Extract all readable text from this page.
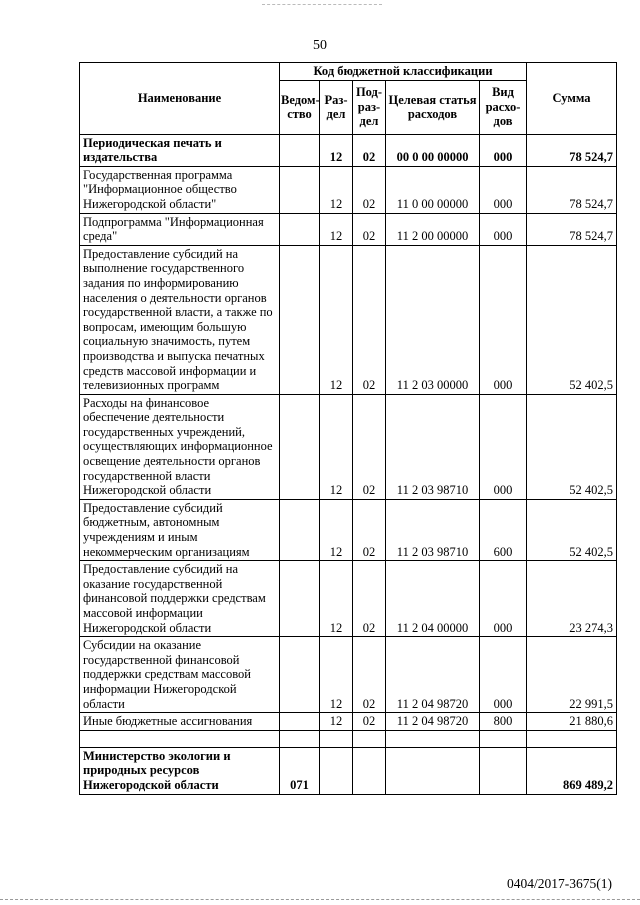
50
Наименование	Код бюджетной классификации					Сумма
	Ведом-ство	Раз-дел	Под-раз-дел	Целевая статья расходов	Вид расхо-дов	
Периодическая печать и издательства		12	02	00 0 00 00000	000	78 524,7
Государственная программа "Информационное общество Нижегородской области"		12	02	11 0 00 00000	000	78 524,7
Подпрограмма "Информационная среда"		12	02	11 2 00 00000	000	78 524,7
Предоставление субсидий на выполнение государственного задания по информированию населения о деятельности органов государственной власти, а также по вопросам, имеющим большую социальную значимость, путем производства и выпуска печатных средств массовой информации и телевизионных программ		12	02	11 2 03 00000	000	52 402,5
Расходы на финансовое обеспечение деятельности государственных учреждений, осуществляющих информационное освещение деятельности органов государственной власти Нижегородской области		12	02	11 2 03 98710	000	52 402,5
Предоставление субсидий бюджетным, автономным учреждениям и иным некоммерческим организациям		12	02	11 2 03 98710	600	52 402,5
Предоставление субсидий на оказание государственной финансовой поддержки средствам массовой информации Нижегородской области		12	02	11 2 04 00000	000	23 274,3
Субсидии на оказание государственной финансовой поддержки средствам массовой информации Нижегородской области		12	02	11 2 04 98720	000	22 991,5
Иные бюджетные ассигнования		12	02	11 2 04 98720	800	21 880,6

Министерство экологии и природных ресурсов Нижегородской области	071					869 489,2
0404/2017-3675(1)
